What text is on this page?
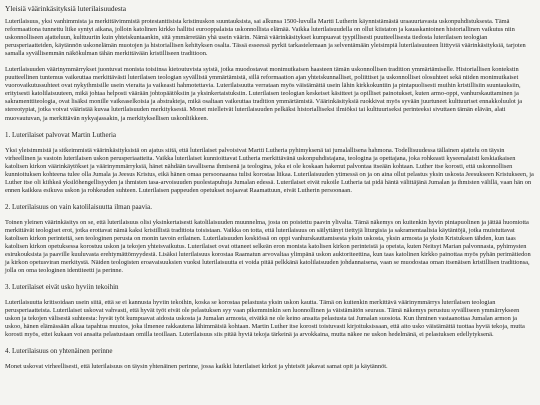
Yleisiä väärinkäsityksiä luterilaisuudesta

Luterilaisuus, yksi vanhimmista ja merkittävimmistä protestanttisista kristinuskon suuntauksista, sai alkunsa 1500-luvulla Martti Lutherin käynnistämästä uraauurtavasta uskonpuhdistuksesta. Tämä reformaationa tunnettu liike syntyi aikana, jolloin katolinen kirkko hallitsi eurooppalaista uskonnollista elämää. Vaikka luterilaisuudella on ollut kiistaton ja kauaskantoinen historiallinen vaikutus niin uskonnolliseen ajatteluun, kulttuuriin kuin yhteiskuntaankin, sitä ymmärretään yhä usein väärin. Nämä väärinkäsitykset kumpuavat tyypillisesti puutteellisesta tiedosta luterilaisen teologian perusperiaatteiden, käytännön uskonelämän muotojen ja historiallisen kehityksen osalta. Tässä esseessä pyrkii tarkastelemaan ja selventämään yleisimpiä luterilaisuuteen liittyviä väärinkäsityksiä, tarjoten samalla syvällisemmän näkökulman tähän merkittävään kristilliseen traditioon.

Luterilaisuuden väärinymmärrykset juontuvat monista toisiinsa kietoutuvista syistä, jotka muodostavat monimutkaisen haasteen tämän uskonnollisen tradition ymmärtämiselle. Historiallisen kontekstin puutteellinen tuntemus vaikeuttaa merkittävästi luterilaisen teologian syvällistä ymmärtämistä, sillä reformaation ajan yhteiskunnalliset, poliittiset ja uskonnolliset olosuhteet sekä niiden monimutkaiset vuorovaikutussuhteet ovat nykyihmisille usein vieraita ja vaikeasti hahmotettavia. Luterilaisuutta verrataan myös väistämättä usein lähin kirkkokuntiin ja pintapuolisesti muihin kristillisiin suuntauksiin, erityisesti katolilaisuuteen, mikä johtaa helposti väärään johtopäätöksiin ja yksinkertaistuksiin. Luterilaisen teologian keskeiset käsitteet ja opilliset painotukset, kuten armo-oppi, vanhurskauttaminen ja sakramenttiteologia, ovat lisäksi monille vaikeaselkoisia ja abstrakteja, mikä osaltaan vaikeuttaa tradition ymmärtämistä. Väärinkäsityksiä ruokkivat myös syvään juurtuneet kulttuuriset ennakkoluulot ja stereotypiat, jotka voivat vääristää kuvaa luterilaisuuden merkityksestä. Monet mielletvät luterilaisuuden pelkäksi historialliseksi ilmiöksi tai kulttuuriseksi perinteeksi sivuttaen tämän elävän, alati muovautuvan, ja merkittävän nykyajassakin, ja merkityksellisen uskonliikkeen.

1. Luterilaiset palvovat Martin Lutheria

Yksi yleisimmistä ja sitkeimmistä väärinkäsityksistä on ajatus siitä, että luterilaiset palvoisivat Martti Lutheria pyhimyksenä tai jumalallisena hahmona. Todellisuudessa tällainen ajattelu on täysin virheellinen ja vastoin luterilaisen uskon perusperiaatteita. Vaikka luterilaiset kunnioittavat Lutheria merkittävänä uskonpuhdistajana, teologina ja opettajana, joka rohkeasti kyseenalaisti keskiaikaisen katolisen kirkon väärinkäytökset ja väärinymmärryksiä, hänet nähdään tavallisena ihmisenä ja teologina, joka ei ole koskaan hakenut palvontaa itseään kohtaan. Luther itse korosti, että uskonnollisen kunnioituksen kohteena tulee olla Jumala ja Jeesus Kristus, eikä hänen omaa persoonaansa tulisi korostaa liikaa. Luterilaisuuden ytimessä on ja on aina ollut pelastus yksin uskosta Jeesukseen Kristukseen, ja Luther itse oli kiihkeä yksilöhengellisyyden ja ihmisten tasa-arvoisuuden puolestapuhuja Jumalan edessä. Luterilaiset eivät rukoile Lutheria tai pidä häntä välittäjänä Jumalan ja ihmisten välillä, vaan hän on ennen kaikkea esikuva uskon ja rohkeuden suhteen. Luterilaisen pappeuden opetukset nojaavat Raamattuun, eivät Lutherin persoonaan.

2. Luterilaisuus on vain katolilaisuutta ilman paavia.

Toinen yleinen väärinkäsitys on se, että luterilaisuus olisi yksinkertaisesti katolilaisuuden muunnelma, josta on poistettu paavin ylivalta. Tämä näkemys on kuitenkin hyvin pintapuolinen ja jättää huomiotta merkittävät teologiset erot, jotka erottavat nämä kaksi kristillistä traditiota toisistaan. Vaikka on totta, että luterilaisuus on säilyttänyt tiettyjä liturgisia ja sakramentaalisia käytäntöjä, jotka muistuttavat katolisen kirkon perinteitä, sen teologinen perusta on monin tavoin erilainen. Luterilaisuuden keskiössä on oppi vanhurskauttamisesta yksin uskosta, yksin armosta ja yksin Kristuksen tähden, kun taas katolisen kirkon opetuksessa korostuu uskon ja tekojen yhteisvaikutus. Luterilaiset ovat ottaneet selkeän eron monista katolisen kirkon perinteistä ja opeista, kuten Neitsyt Marian palvonnasta, pyhimysten esirukouksista ja paaville kuuluvasta erehtymättömyydestä. Lisäksi luterilaisuus korostaa Raamatun arvovaltaa ylimpänä uskon auktoriteettina, kun taas katolinen kirkko painottaa myös pyhän perimätiedon ja kirkon opetusviran merkitystä. Näiden teologisten eroavaisuuksien vuoksi luterilaisuutta ei voida pitää pelkkänä katolilaisuuden johdannaisena, vaan se muodostaa oman itsenäisen kristillisen traditionsa, jolla on oma teologinen identiteetti ja perinne.

3. Luterilaiset eivät usko hyviin tekoihin

Luterilaisuutta kritisoidaan usein siitä, että se ei kannusta hyviin tekoihin, koska se korostaa pelastusta yksin uskon kautta. Tämä on kuitenkin merkittävä väärinymmärrys luterilaisen teologian perusperiaatteista. Luterilaiset uskovat vahvasti, että hyvät työt eivät ole pelastuksen syy vaan pikemminkin sen luonnollinen ja väistämätön seuraus. Tämä näkemys perustuu syvälliseen ymmärrykseen uskon ja tekojen välisestä suhteesta: hyvät työt kumpuavat aidosta uskosta ja Jumalan armosta, eivätkä ne ole keino ansaita pelastusta tai Jumalan suosiota. Kun ihminen vastaanottaa Jumalan armon ja uskoo, hänen elämässään alkaa tapahtua muutos, joka ilmenee rakkautena lähimmäisiä kohtaan. Martin Luther itse korosti toistuvasti kirjoituksissaan, että aito usko väistämättä tuottaa hyviä tekoja, mutta korosti myös, ettei kukaan voi ansaita pelastustaan omilla teoillaan. Luterilaisuus siis pitää hyviä tekoja tärkeinä ja arvokkaina, mutta näkee ne uskon hedelmänä, ei pelastuksen edellytyksenä.

4. Luterilaisuus on yhtenäinen perinne

Monet uskovat virheellisesti, että luterilaisuus on täysin yhtenäinen perinne, jossa kaikki luterilaiset kirkot ja yhteisöt jakavat samat opit ja käytännöt.
